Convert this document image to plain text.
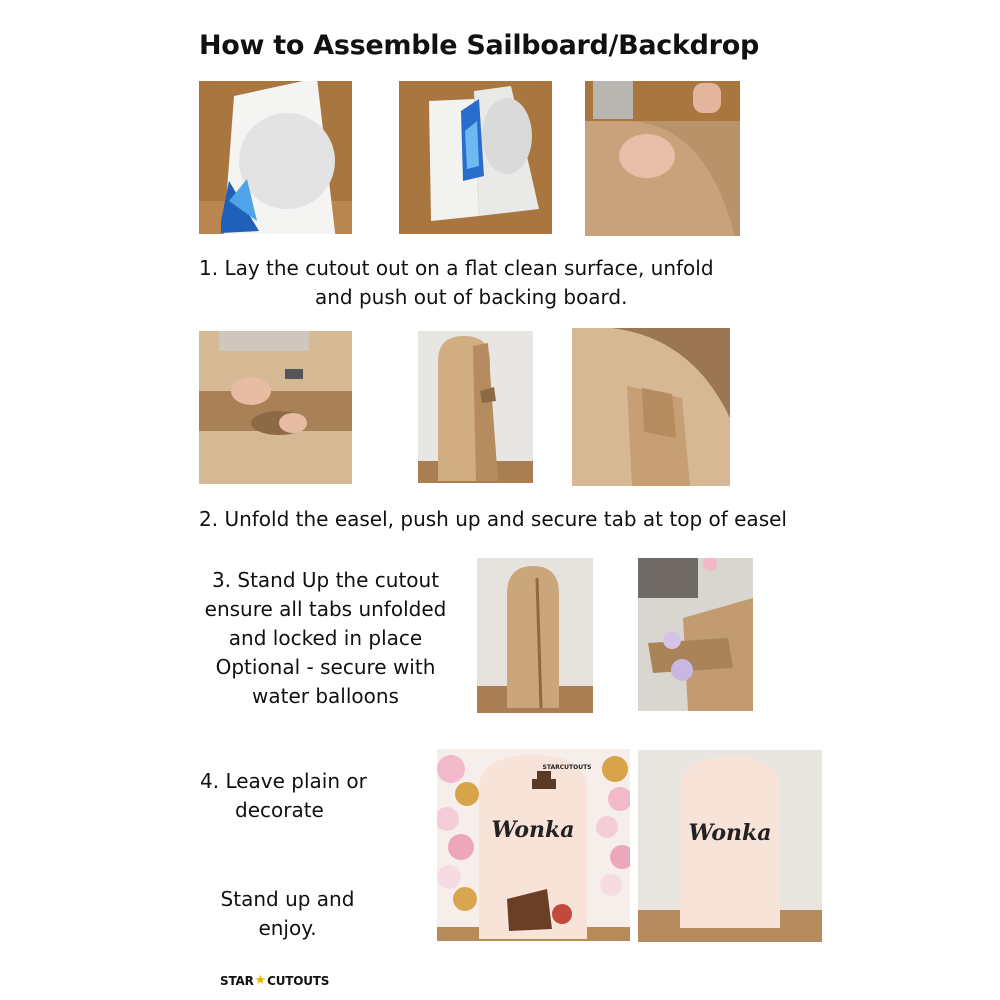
How to Assemble Sailboard/Backdrop
1. Lay the cutout out on a flat clean surface, unfold
and push out of backing board.
2. Unfold the easel, push up and secure tab at top of easel
3. Stand Up the cutout
ensure all tabs unfolded
and locked in place
Optional - secure with
water balloons
4. Leave plain or
decorate
Stand up and
enjoy.
Wonka
STARCUTOUTS
Wonka
STAR ★ CUTOUTS
